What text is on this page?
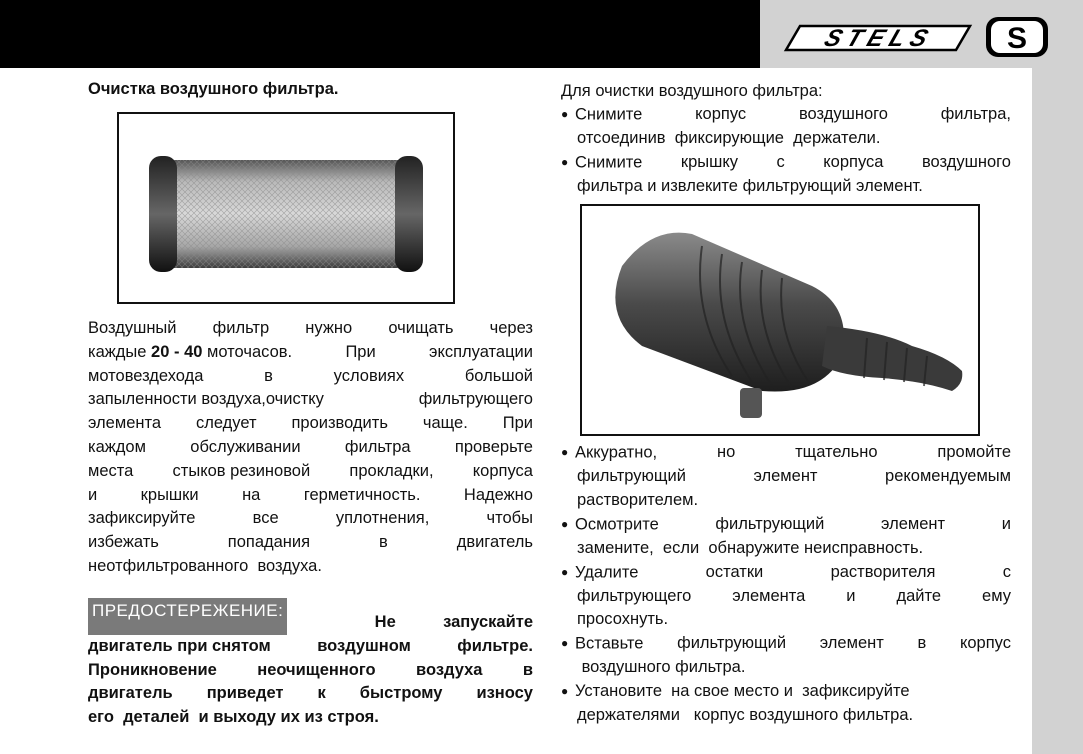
STELS S
Очистка воздушного фильтра.
Воздушный фильтр нужно очищать через
каждые 20 - 40 моточасов.	При	эксплуатации
мотовездехода	в	условиях	большой
запыленности воздуха,очистку	фильтрующего
элемента следует производить чаще. При
каждом	обслуживании	фильтра	проверьте
места стыков резиновой прокладки, корпуса
и	крышки	на	герметичность.	Надежно
зафиксируйте	все	уплотнения,	чтобы
избежать	попадания	в	двигатель
неотфильтрованного  воздуха.
ПРЕДОСТЕРЕЖЕНИЕ:
Не	запускайте
двигатель при снятом	воздушном	фильтре.
Проникновение неочищенного воздуха в
двигатель приведет к быстрому износу
его  деталей  и выходу их из строя.
Для очистки воздушного фильтра:
● Снимите	корпус	воздушного	фильтра,
отсоединив  фиксирующие  держатели.
● Снимите крышку с корпуса воздушного
фильтра и извлеките фильтрующий элемент.
● Аккуратно,	но	тщательно	промойте
фильтрующий	элемент	рекомендуемым
растворителем.
● Осмотрите	фильтрующий	элемент	и
замените,  если  обнаружите неисправность.
● Удалите	остатки	растворителя	с
фильтрующего элемента и дайте ему
просохнуть.
● Вставьте фильтрующий элемент в корпус
воздушного фильтра.
● Установите  на свое место и  зафиксируйте
держателями   корпус воздушного фильтра.
